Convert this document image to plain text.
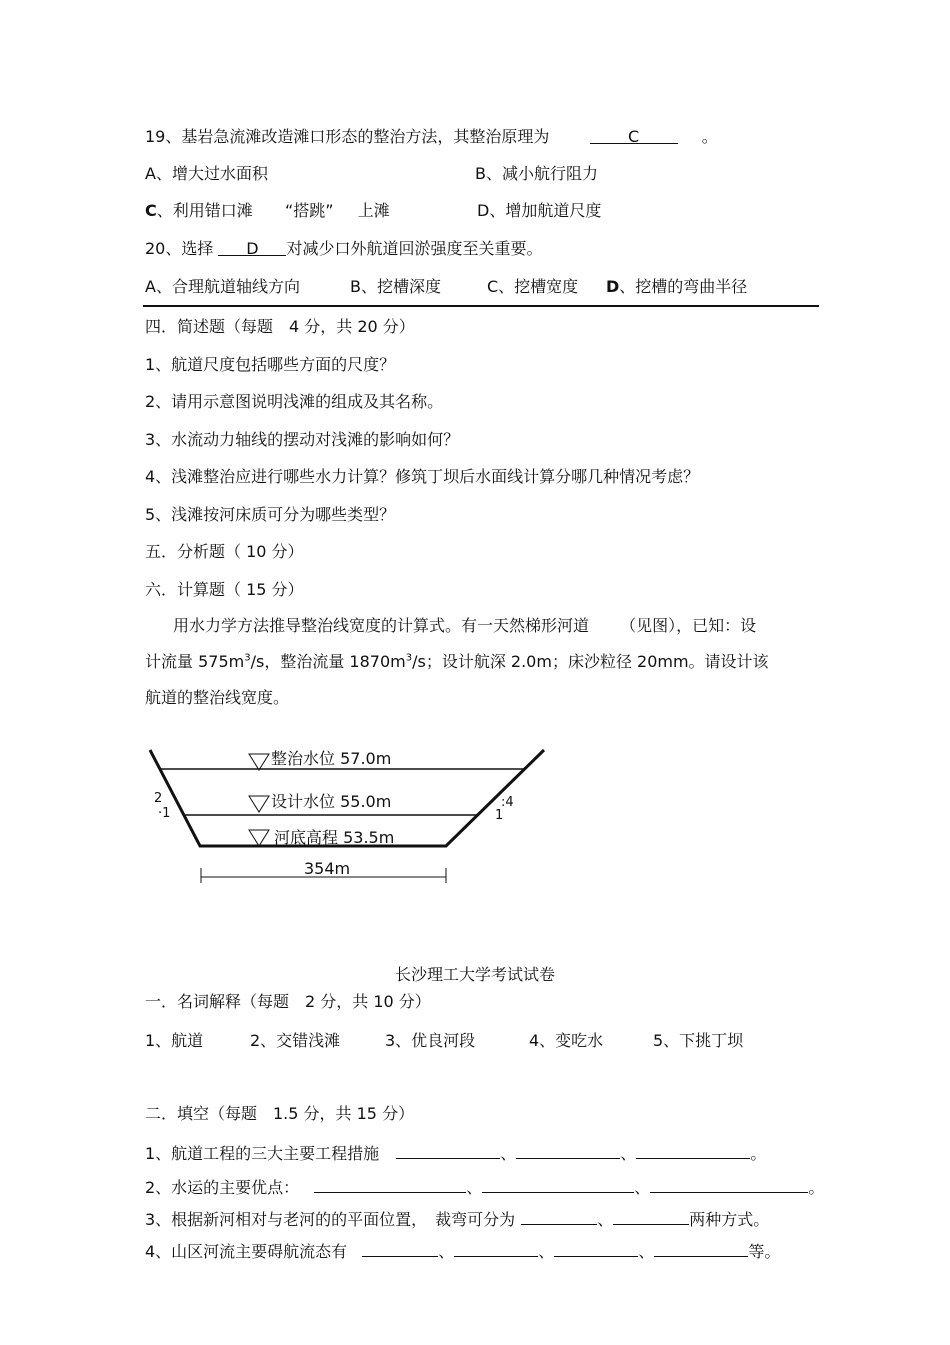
19、基岩急流滩改造滩口形态的整治方法，其整治原理为	C	。
A、增大过水面积	B、减小航行阻力
C、利用错口滩 “搭跳” 上滩	D、增加航道尺度
20、选择 D 对减少口外航道回淤强度至关重要。
A、合理航道轴线方向	B、挖槽深度	C、挖槽宽度 D、挖槽的弯曲半径
四．简述题（每题　4 分，共 20 分）
1、航道尺度包括哪些方面的尺度？
2、请用示意图说明浅滩的组成及其名称。
3、水流动力轴线的摆动对浅滩的影响如何？
4、浅滩整治应进行哪些水力计算？修筑丁坝后水面线计算分哪几种情况考虑？
5、浅滩按河床质可分为哪些类型？
五．分析题（ 10 分）
六．计算题（ 15 分）
用水力学方法推导整治线宽度的计算式。有一天然梯形河道 （见图），已知：设
计流量 $575m^3/s$，整治流量 $1870m^3/s$；设计航深 2.0m；床沙粒径 20mm。请设计该
航道的整治线宽度。
整治水位 57.0m
设计水位 55.0m
河底高程 53.5m
354m
2
·1
:4
1
长沙理工大学考试试卷
一．名词解释（每题　2 分，共 10 分）
1、航道	2、交错浅滩	3、优良河段	4、变吃水	5、下挑丁坝
二．填空（每题　1.5 分，共 15 分）
1、航道工程的三大主要工程措施	、	、	。
2、水运的主要优点：	、	、	。
3、根据新河相对与老河的的平面位置，　裁弯可分为	、	两种方式。
4、山区河流主要碍航流态有	、	、	、	等。
